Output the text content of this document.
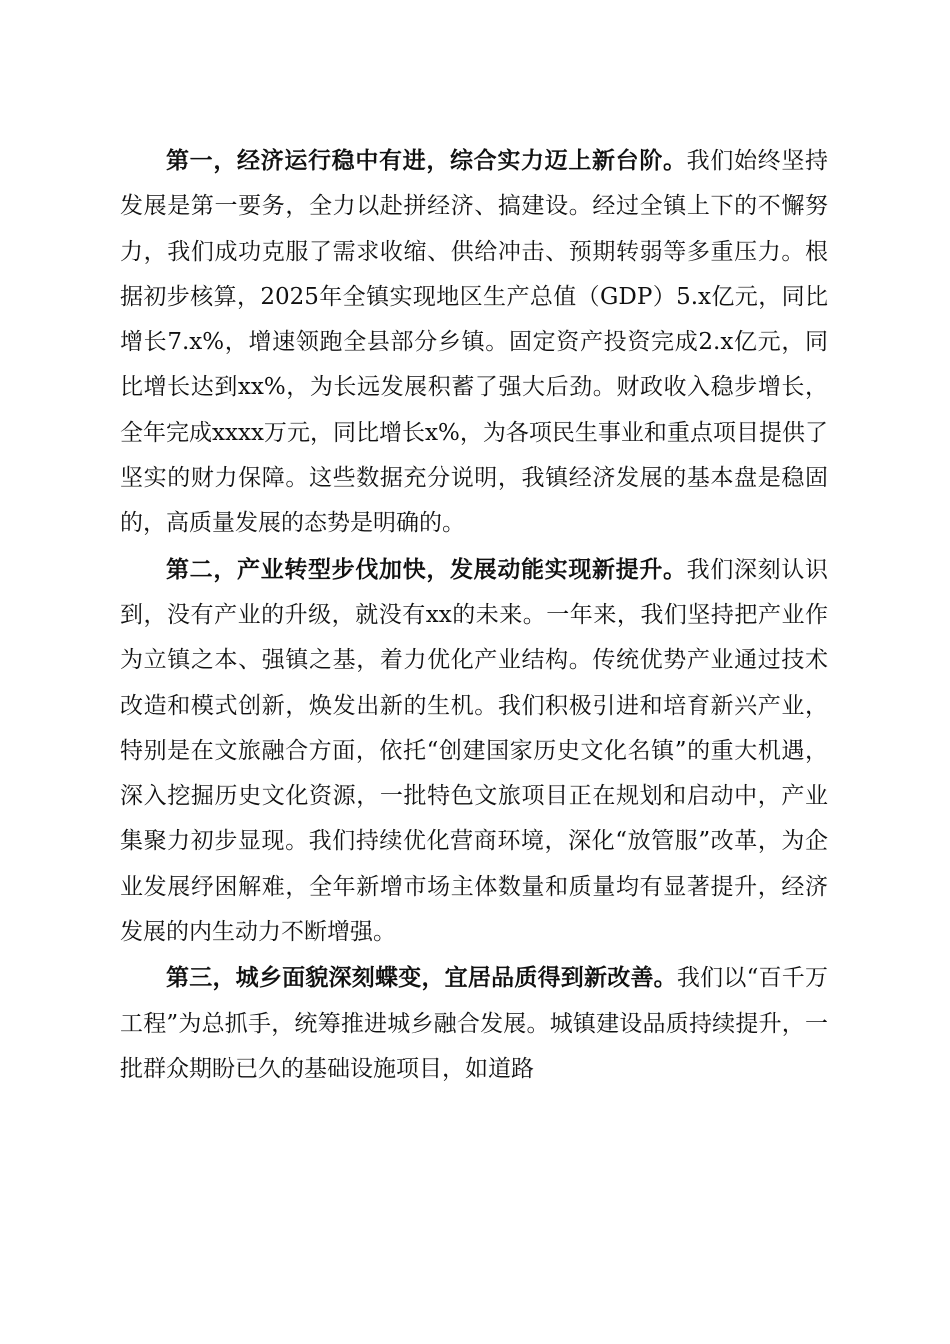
第一，经济运行稳中有进，综合实力迈上新台阶。我们始终坚持发展是第一要务，全力以赴拼经济、搞建设。经过全镇上下的不懈努力，我们成功克服了需求收缩、供给冲击、预期转弱等多重压力。根据初步核算，2025年全镇实现地区生产总值（GDP）5.x亿元，同比增长7.x%，增速领跑全县部分乡镇。固定资产投资完成2.x亿元，同比增长达到xx%，为长远发展积蓄了强大后劲。财政收入稳步增长，全年完成xxxx万元，同比增长x%，为各项民生事业和重点项目提供了坚实的财力保障。这些数据充分说明，我镇经济发展的基本盘是稳固的，高质量发展的态势是明确的。

第二，产业转型步伐加快，发展动能实现新提升。我们深刻认识到，没有产业的升级，就没有xx的未来。一年来，我们坚持把产业作为立镇之本、强镇之基，着力优化产业结构。传统优势产业通过技术改造和模式创新，焕发出新的生机。我们积极引进和培育新兴产业，特别是在文旅融合方面，依托“创建国家历史文化名镇”的重大机遇，深入挖掘历史文化资源，一批特色文旅项目正在规划和启动中，产业集聚力初步显现。我们持续优化营商环境，深化“放管服”改革，为企业发展纾困解难，全年新增市场主体数量和质量均有显著提升，经济发展的内生动力不断增强。

第三，城乡面貌深刻蝶变，宜居品质得到新改善。我们以“百千万工程”为总抓手，统筹推进城乡融合发展。城镇建设品质持续提升，一批群众期盼已久的基础设施项目，如道路
